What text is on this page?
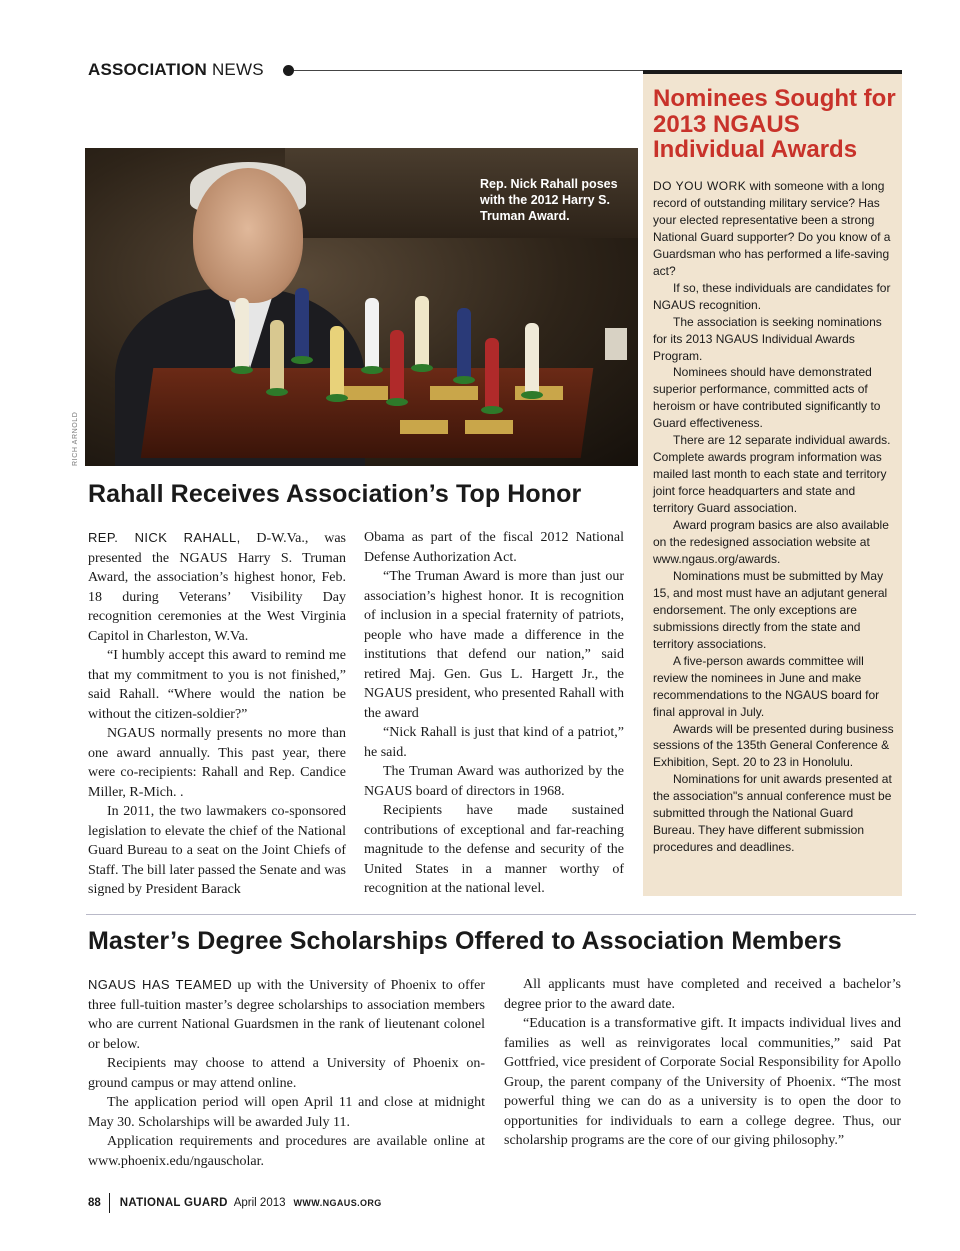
ASSOCIATION NEWS
Rep. Nick Rahall poses with the 2012 Harry S. Truman Award.
RICH ARNOLD
Rahall Receives Association’s Top Honor

REP. NICK RAHALL, D-W.Va., was presented the NGAUS Harry S. Truman Award, the association’s highest honor, Feb. 18 during Veterans’ Visibility Day recognition ceremonies at the West Virginia Capitol in Charleston, W.Va.

“I humbly accept this award to remind me that my commitment to you is not finished,” said Rahall. “Where would the nation be without the citizen-soldier?”

NGAUS normally presents no more than one award annually. This past year, there were co-recipients: Rahall and Rep. Candice Miller, R-Mich. .

In 2011, the two lawmakers co-sponsored legislation to elevate the chief of the National Guard Bureau to a seat on the Joint Chiefs of Staff. The bill later passed the Senate and was signed by President Barack

Obama as part of the fiscal 2012 National Defense Authorization Act.

“The Truman Award is more than just our association’s highest honor. It is recognition of inclusion in a special fraternity of patriots, people who have made a difference in the institutions that defend our nation,” said retired Maj. Gen. Gus L. Hargett Jr., the NGAUS president, who presented Rahall with the award

“Nick Rahall is just that kind of a patriot,” he said.

The Truman Award was authorized by the NGAUS board of directors in 1968.

Recipients have made sustained contributions of exceptional and far-reaching magnitude to the defense and security of the United States in a manner worthy of recognition at the national level.

Nominees Sought for 2013 NGAUS Individual Awards

DO YOU WORK with someone with a long record of outstanding military service? Has your elected representative been a strong National Guard supporter? Do you know of a Guardsman who has performed a life-saving act?

If so, these individuals are candidates for NGAUS recognition.

The association is seeking nominations for its 2013 NGAUS Individual Awards Program.

Nominees should have demonstrated superior performance, committed acts of heroism or have contributed significantly to Guard effectiveness.

There are 12 separate individual awards. Complete awards program information was mailed last month to each state and territory joint force headquarters and state and territory Guard association.

Award program basics are also available on the redesigned association website at www.ngaus.org/awards.

Nominations must be submitted by May 15, and most must have an adjutant general endorsement. The only exceptions are submissions directly from the state and territory associations.

A five-person awards committee will review the nominees in June and make recommendations to the NGAUS board for final approval in July.

Awards will be presented during business sessions of the 135th General Conference & Exhibition, Sept. 20 to 23 in Honolulu.

Nominations for unit awards presented at the association"s annual conference must be submitted through the National Guard Bureau. They have different submission procedures and deadlines.

Master’s Degree Scholarships Offered to Association Members

NGAUS HAS TEAMED up with the University of Phoenix to offer three full-tuition master’s degree scholarships to association members who are current National Guardsmen in the rank of lieutenant colonel or below.

Recipients may choose to attend a University of Phoenix on-ground campus or may attend online.

The application period will open April 11 and close at midnight May 30. Scholarships will be awarded July 11.

Application requirements and procedures are available online at www.phoenix.edu/ngauscholar.

All applicants must have completed and received a bachelor’s degree prior to the award date.

“Education is a transformative gift. It impacts individual lives and families as well as reinvigorates local communities,” said Pat Gottfried, vice president of Corporate Social Responsibility for Apollo Group, the parent company of the University of Phoenix. “The most powerful thing we can do as a university is to open the door to opportunities for individuals to earn a college degree. Thus, our scholarship programs are the core of our giving philosophy.”

88 NATIONAL GUARD April 2013 WWW.NGAUS.ORG
